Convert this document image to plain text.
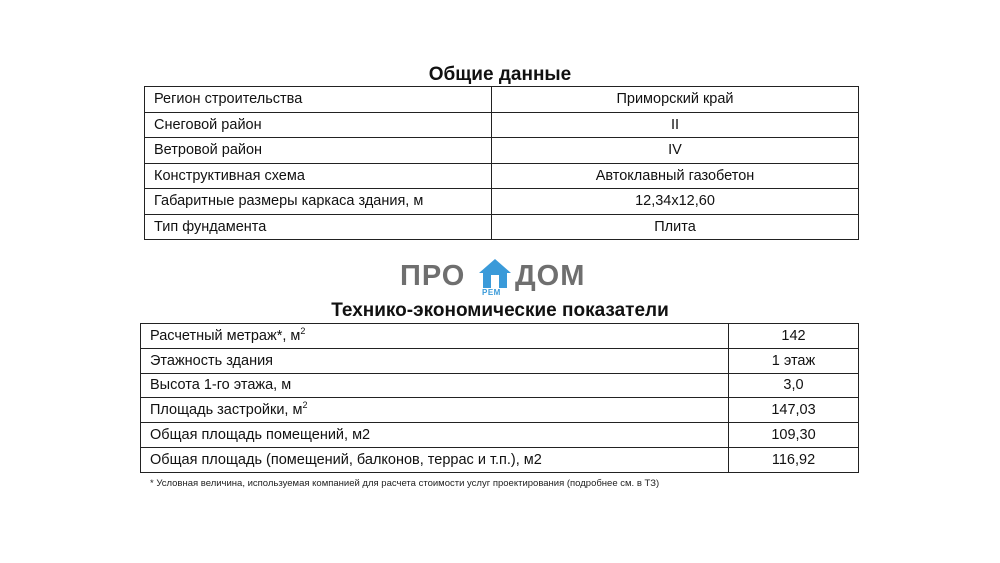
Общие данные
Регион строительства	Приморский край
Снеговой район	II
Ветровой район	IV
Конструктивная схема	Автоклавный газобетон
Габаритные размеры каркаса здания, м	12,34x12,60
Тип фундамента	Плита
ПРО
РЕМ
ДОМ
Технико-экономические показатели
Расчетный метраж*, $м^2$	142
Этажность здания	1 этаж
Высота 1-го этажа, м	3,0
Площадь застройки, $м^2$	147,03
Общая площадь помещений, м2	109,30
Общая площадь (помещений, балконов, террас и т.п.), м2	116,92
* Условная величина, используемая компанией для расчета стоимости услуг проектирования (подробнее см. в ТЗ)
